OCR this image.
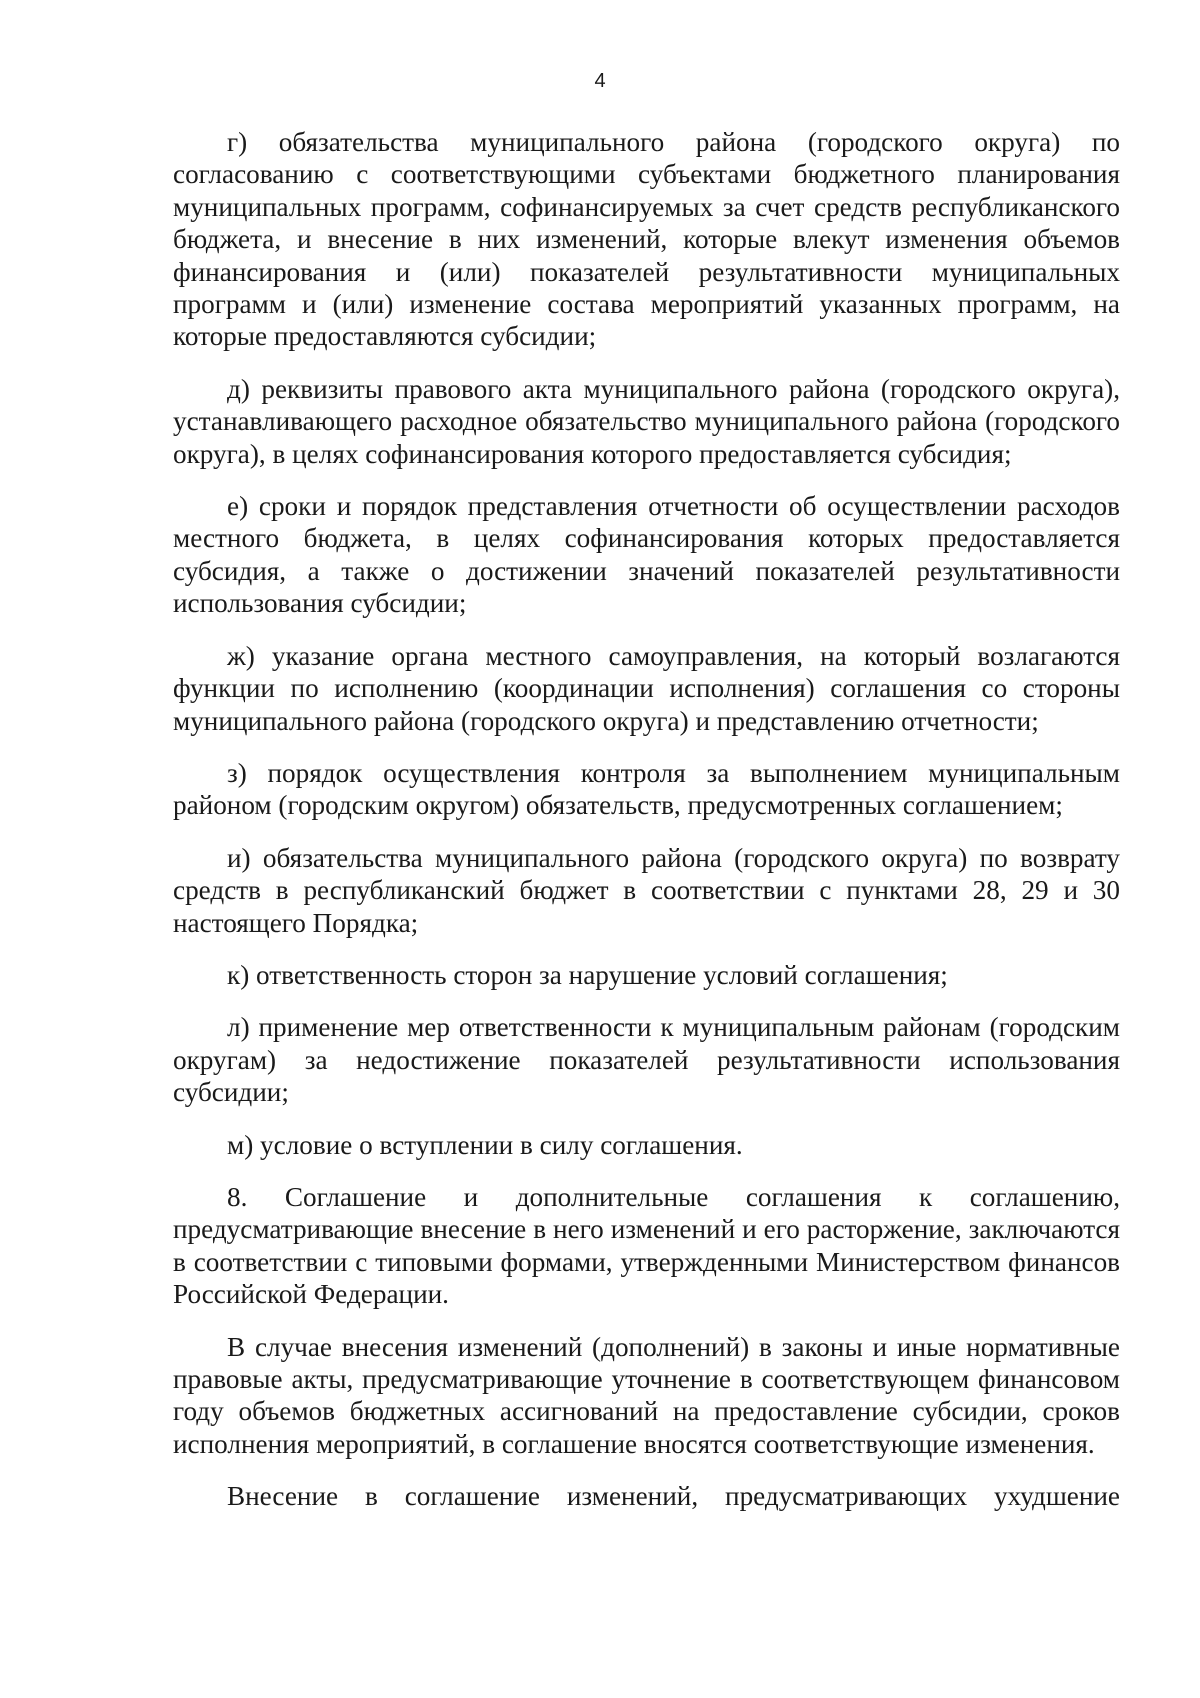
4

г) обязательства муниципального района (городского округа) по согласованию с соответствующими субъектами бюджетного планирования муниципальных программ, софинансируемых за счет средств республиканского бюджета, и внесение в них изменений, которые влекут изменения объемов финансирования и (или) показателей результативности муниципальных программ и (или) изменение состава мероприятий указанных программ, на которые предоставляются субсидии;

д) реквизиты правового акта муниципального района (городского округа), устанавливающего расходное обязательство муниципального района (городского округа), в целях софинансирования которого предоставляется субсидия;

е) сроки и порядок представления отчетности об осуществлении расходов местного бюджета, в целях софинансирования которых предоставляется субсидия, а также о достижении значений показателей результативности использования субсидии;

ж) указание органа местного самоуправления, на который возлагаются функции по исполнению (координации исполнения) соглашения со стороны муниципального района (городского округа) и представлению отчетности;

з) порядок осуществления контроля за выполнением муниципальным районом (городским округом) обязательств, предусмотренных соглашением;

и) обязательства муниципального района (городского округа) по возврату средств в республиканский бюджет в соответствии с пунктами 28, 29 и 30 настоящего Порядка;

к) ответственность сторон за нарушение условий соглашения;

л) применение мер ответственности к муниципальным районам (городским округам) за недостижение показателей результативности использования субсидии;

м) условие о вступлении в силу соглашения.

8. Соглашение и дополнительные соглашения к соглашению, предусматривающие внесение в него изменений и его расторжение, заключаются в соответствии с типовыми формами, утвержденными Министерством финансов Российской Федерации.

В случае внесения изменений (дополнений) в законы и иные нормативные правовые акты, предусматривающие уточнение в соответствующем финансовом году объемов бюджетных ассигнований на предоставление субсидии, сроков исполнения мероприятий, в соглашение вносятся соответствующие изменения.

Внесение в соглашение изменений, предусматривающих ухудшение
